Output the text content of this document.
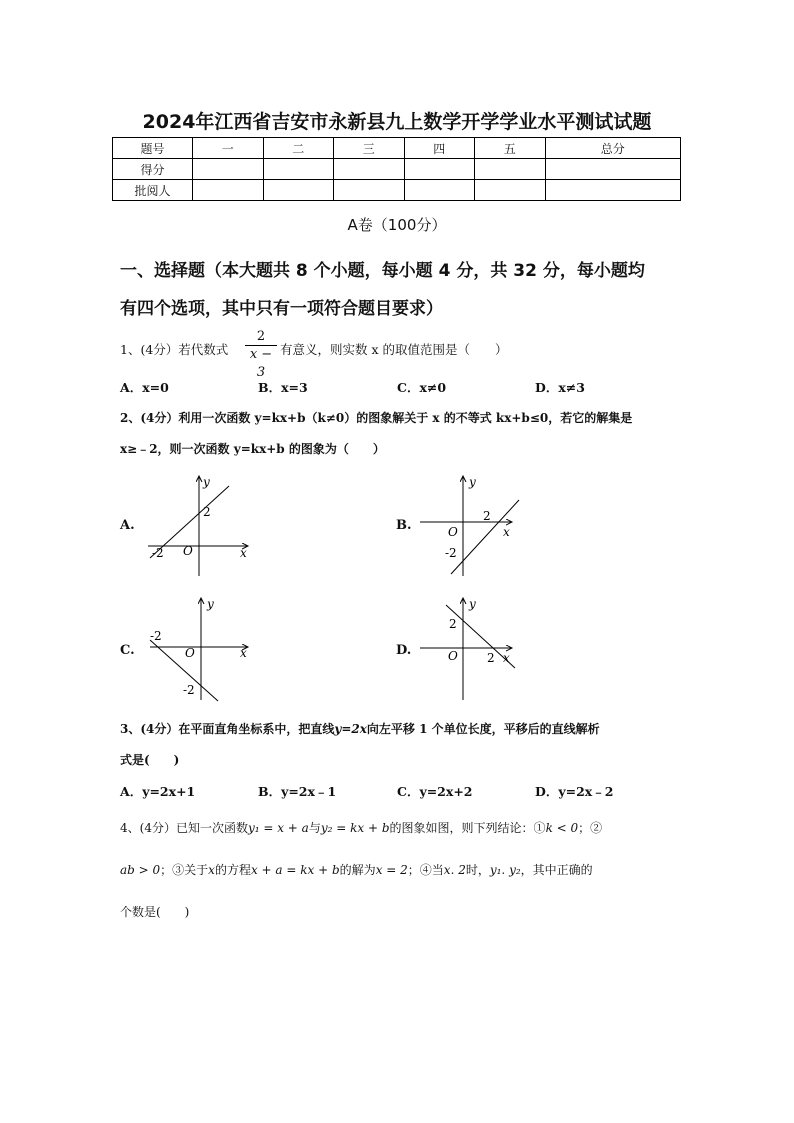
2024年江西省吉安市永新县九上数学开学学业水平测试试题
题号	一	二	三	四	五	总分
得分						
批阅人						
A卷（100分）
一、选择题（本大题共 8 个小题，每小题 4 分，共 32 分，每小题均
有四个选项，其中只有一项符合题目要求）
1、(4分）若代数式
2
x − 3
有意义，则实数 x 的取值范围是（　　）
A．x=0	B．x=3	C．x≠0	D．x≠3
2、(4分）利用一次函数 y=kx+b（k≠0）的图象解关于 x 的不等式 kx+b≤0，若它的解集是
x≥﹣2，则一次函数 y=kx+b 的图象为（　　）
A.	B.
C.	D.
y
2
-2 O	x
y
2
O	x
-2
y
-2
O	x
-2
y
2
O 2 x
3、(4分）在平面直角坐标系中，把直线y=2x向左平移 1 个单位长度，平移后的直线解析
式是(　　)
A．y=2x+1	B．y=2x﹣1	C．y=2x+2	D．y=2x﹣2
4、(4分）已知一次函数y₁ = x + a与y₂ = kx + b的图象如图，则下列结论：①k < 0；②
ab > 0；③关于x的方程x + a = kx + b的解为x = 2；④当x. 2时，y₁. y₂，其中正确的
个数是(　　)
